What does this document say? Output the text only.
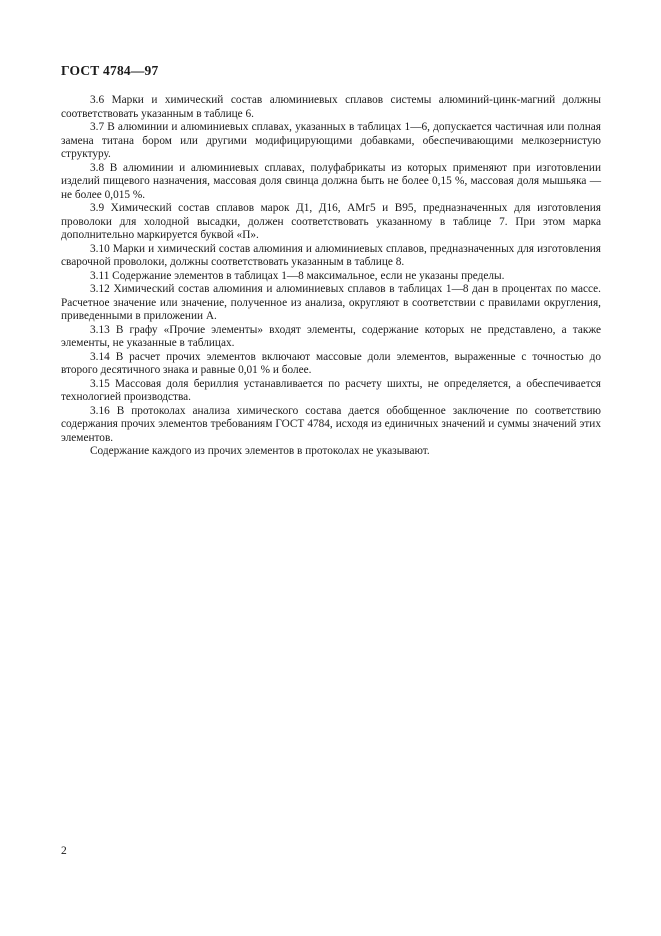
ГОСТ 4784—97

3.6 Марки и химический состав алюминиевых сплавов системы алюминий-цинк-магний должны соответствовать указанным в таблице 6.

3.7 В алюминии и алюминиевых сплавах, указанных в таблицах 1—6, допускается частичная или полная замена титана бором или другими модифицирующими добавками, обеспечивающими мелкозернистую структуру.

3.8 В алюминии и алюминиевых сплавах, полуфабрикаты из которых применяют при изготовлении изделий пищевого назначения, массовая доля свинца должна быть не более 0,15 %, массовая доля мышьяка — не более 0,015 %.

3.9 Химический состав сплавов марок Д1, Д16, АМг5 и В95, предназначенных для изготовления проволоки для холодной высадки, должен соответствовать указанному в таблице 7. При этом марка дополнительно маркируется буквой «П».

3.10 Марки и химический состав алюминия и алюминиевых сплавов, предназначенных для изготовления сварочной проволоки, должны соответствовать указанным в таблице 8.

3.11 Содержание элементов в таблицах 1—8 максимальное, если не указаны пределы.

3.12 Химический состав алюминия и алюминиевых сплавов в таблицах 1—8 дан в процентах по массе. Расчетное значение или значение, полученное из анализа, округляют в соответствии с правилами округления, приведенными в приложении А.

3.13 В графу «Прочие элементы» входят элементы, содержание которых не представлено, а также элементы, не указанные в таблицах.

3.14 В расчет прочих элементов включают массовые доли элементов, выраженные с точностью до второго десятичного знака и равные 0,01 % и более.

3.15 Массовая доля бериллия устанавливается по расчету шихты, не определяется, а обеспечивается технологией производства.

3.16 В протоколах анализа химического состава дается обобщенное заключение по соответствию содержания прочих элементов требованиям ГОСТ 4784, исходя из единичных значений и суммы значений этих элементов.

Содержание каждого из прочих элементов в протоколах не указывают.

2
